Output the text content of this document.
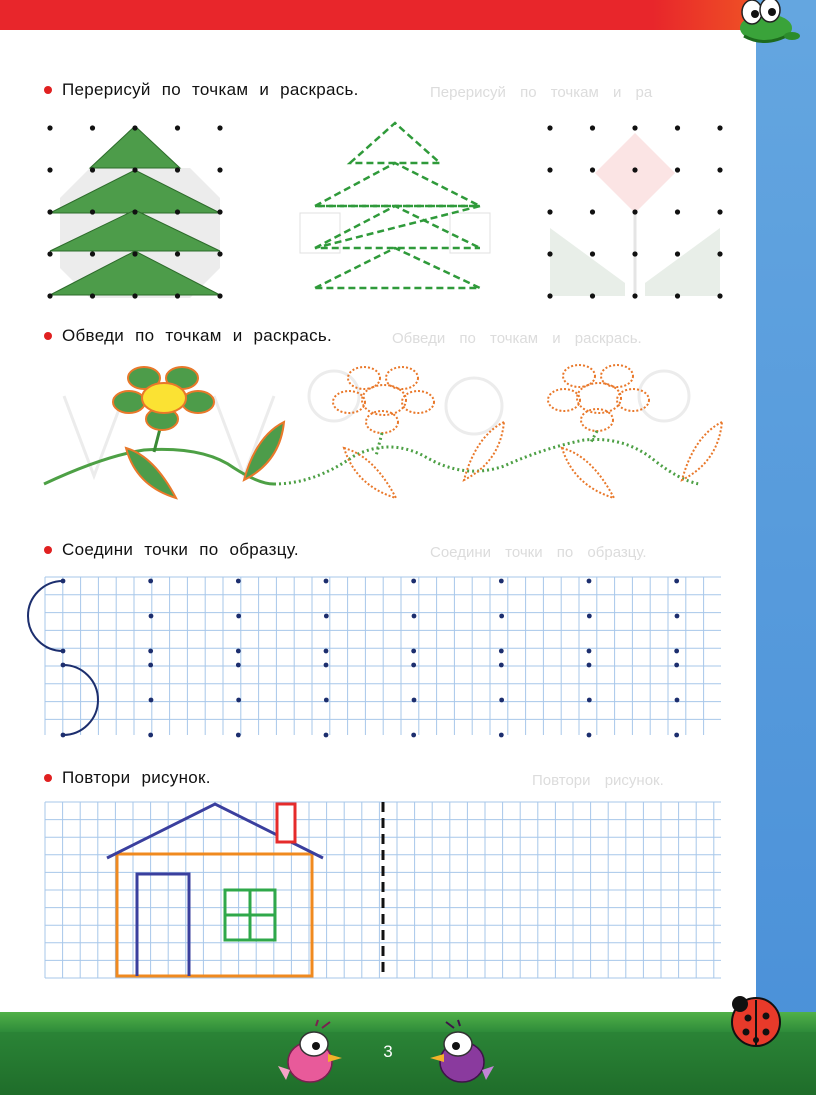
Перерисуй по точкам и раскрась.	Перерисуй по точкам и ра
Обведи по точкам и раскрась.	Обведи по точкам и раскрась.
Соедини точки по образцу.	Соедини точки по образцу.
Повтори рисунок.	Повтори рисунок.
3
